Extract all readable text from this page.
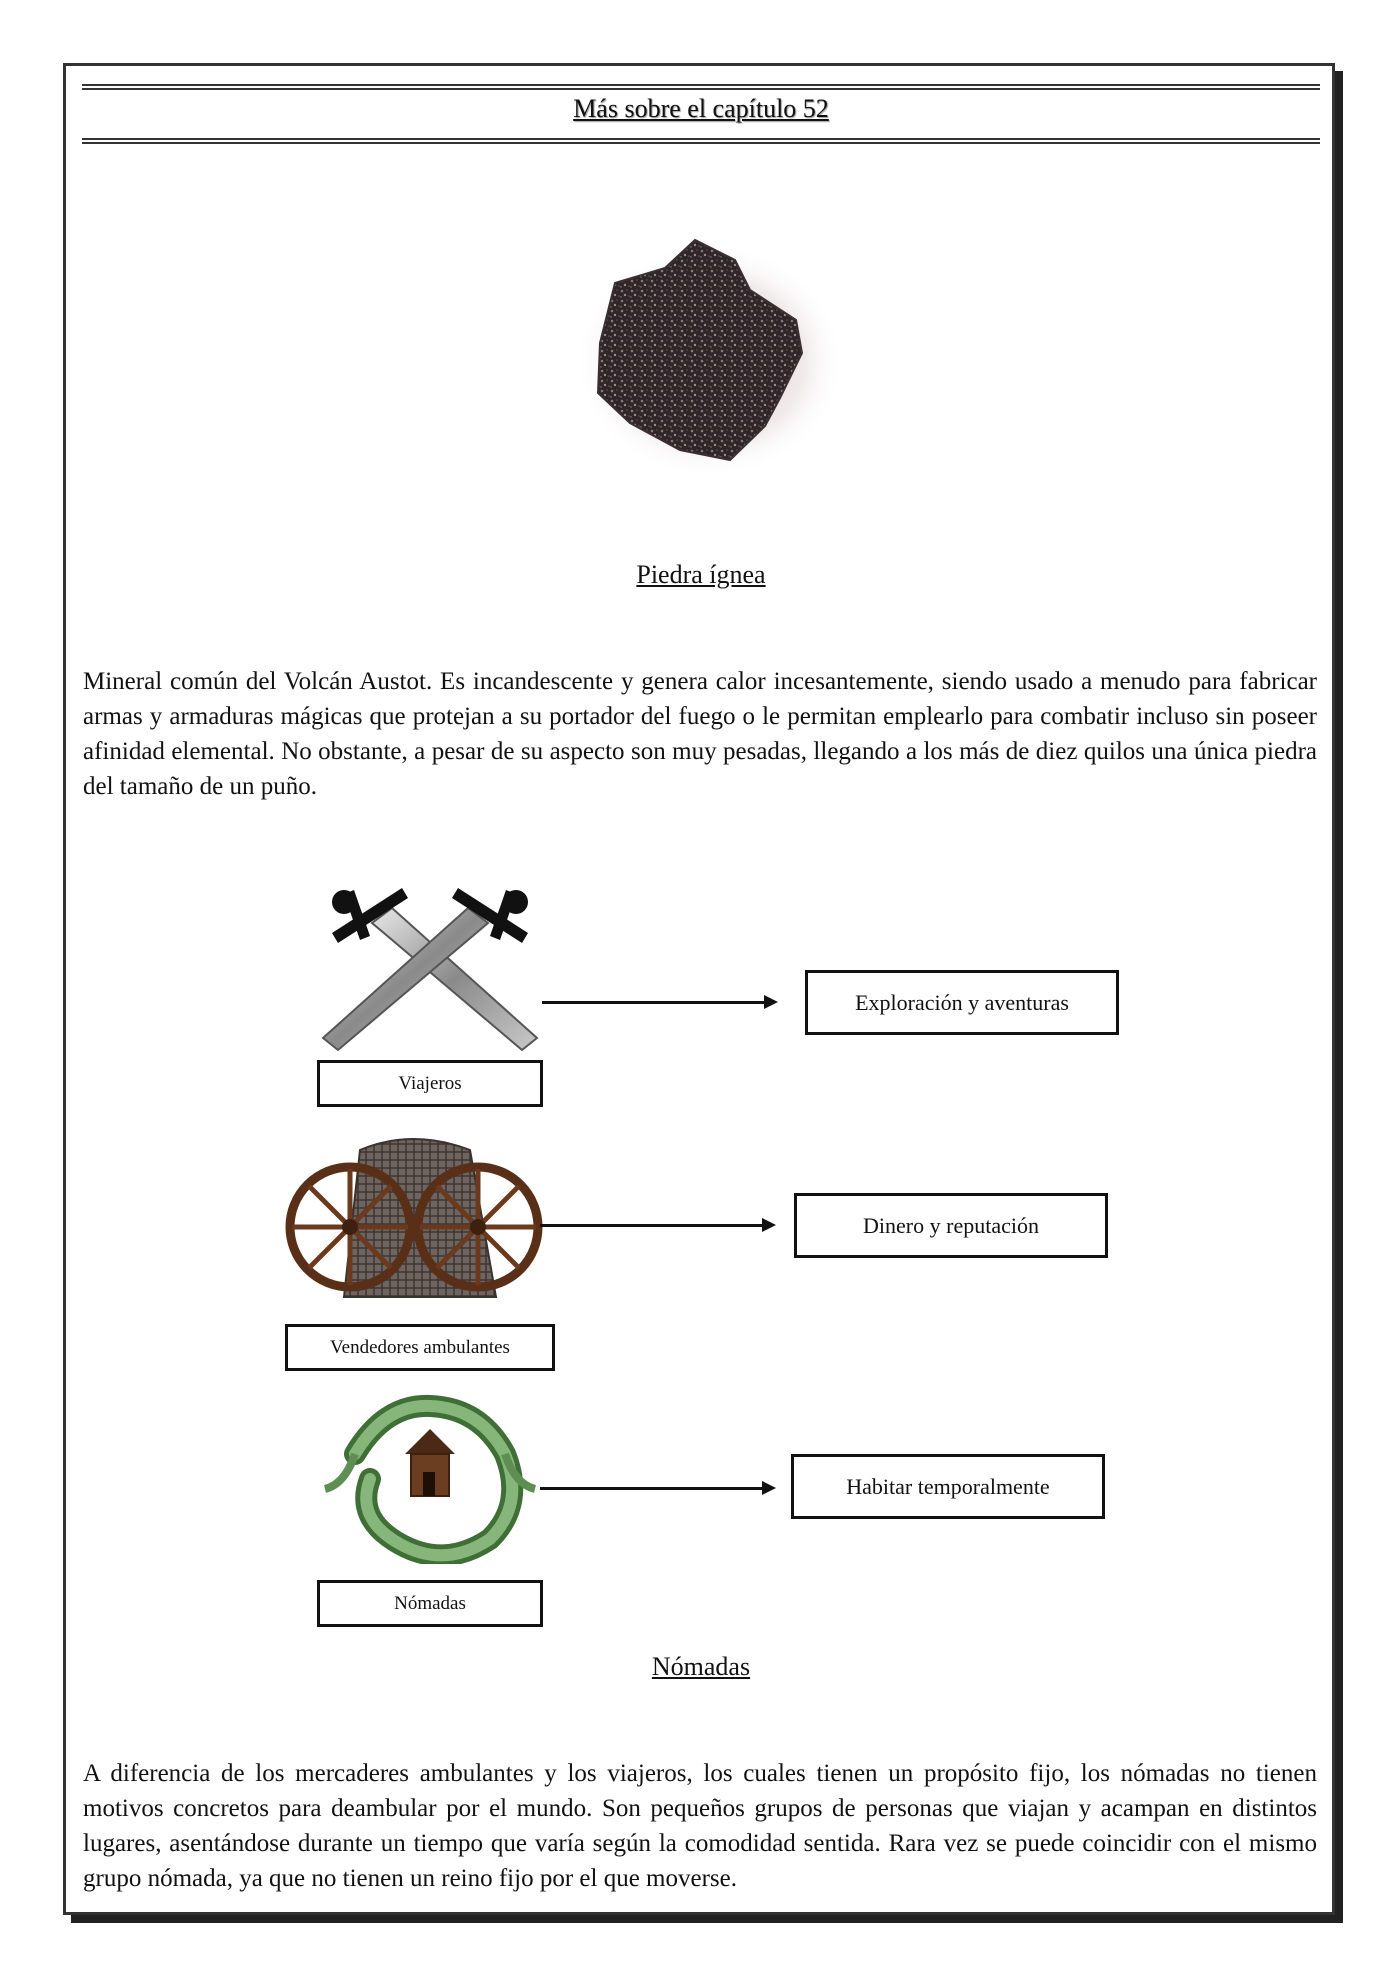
Más sobre el capítulo 52
Piedra ígnea

Mineral común del Volcán Austot. Es incandescente y genera calor incesantemente, siendo usado a menudo para fabricar armas y armaduras mágicas que protejan a su portador del fuego o le permitan emplearlo para combatir incluso sin poseer afinidad elemental. No obstante, a pesar de su aspecto son muy pesadas, llegando a los más de diez quilos una única piedra del tamaño de un puño.

Viajeros
Exploración y aventuras
Vendedores ambulantes
Dinero y reputación
Nómadas
Habitar temporalmente
Nómadas

A diferencia de los mercaderes ambulantes y los viajeros, los cuales tienen un propósito fijo, los nómadas no tienen motivos concretos para deambular por el mundo. Son pequeños grupos de personas que viajan y acampan en distintos lugares, asentándose durante un tiempo que varía según la comodidad sentida. Rara vez se puede coincidir con el mismo grupo nómada, ya que no tienen un reino fijo por el que moverse.
